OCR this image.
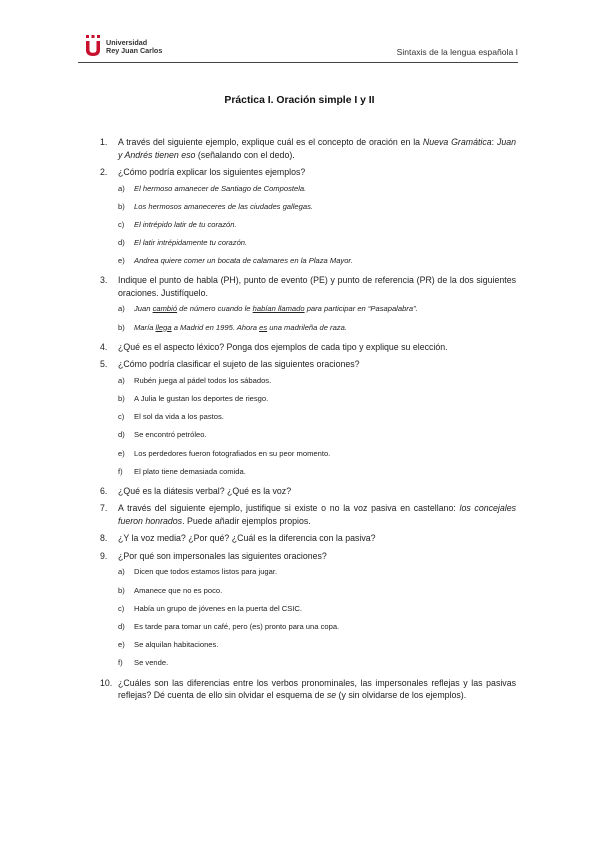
Universidad
Rey Juan Carlos	Sintaxis de la lengua española I
Práctica I. Oración simple I y II
1. A través del siguiente ejemplo, explique cuál es el concepto de oración en la Nueva Gramática: Juan y Andrés tienen eso (señalando con el dedo).
2. ¿Cómo podría explicar los siguientes ejemplos?
a) El hermoso amanecer de Santiago de Compostela.
b) Los hermosos amaneceres de las ciudades gallegas.
c) El intrépido latir de tu corazón.
d) El latir intrépidamente tu corazón.
e) Andrea quiere comer un bocata de calamares en la Plaza Mayor.
3. Indique el punto de habla (PH), punto de evento (PE) y punto de referencia (PR) de la dos siguientes oraciones. Justifíquelo.
a) Juan cambió de número cuando le habían llamado para participar en “Pasapalabra”.
b) María llega a Madrid en 1995. Ahora es una madrileña de raza.
4. ¿Qué es el aspecto léxico? Ponga dos ejemplos de cada tipo y explique su elección.
5. ¿Cómo podría clasificar el sujeto de las siguientes oraciones?
a) Rubén juega al pádel todos los sábados.
b) A Julia le gustan los deportes de riesgo.
c) El sol da vida a los pastos.
d) Se encontró petróleo.
e) Los perdedores fueron fotografiados en su peor momento.
f) El plato tiene demasiada comida.
6. ¿Qué es la diátesis verbal? ¿Qué es la voz?
7. A través del siguiente ejemplo, justifique si existe o no la voz pasiva en castellano: los concejales fueron honrados. Puede añadir ejemplos propios.
8. ¿Y la voz media? ¿Por qué? ¿Cuál es la diferencia con la pasiva?
9. ¿Por qué son impersonales las siguientes oraciones?
a) Dicen que todos estamos listos para jugar.
b) Amanece que no es poco.
c) Había un grupo de jóvenes en la puerta del CSIC.
d) Es tarde para tomar un café, pero (es) pronto para una copa.
e) Se alquilan habitaciones.
f) Se vende.
10. ¿Cuáles son las diferencias entre los verbos pronominales, las impersonales reflejas y las pasivas reflejas? Dé cuenta de ello sin olvidar el esquema de se (y sin olvidarse de los ejemplos).
